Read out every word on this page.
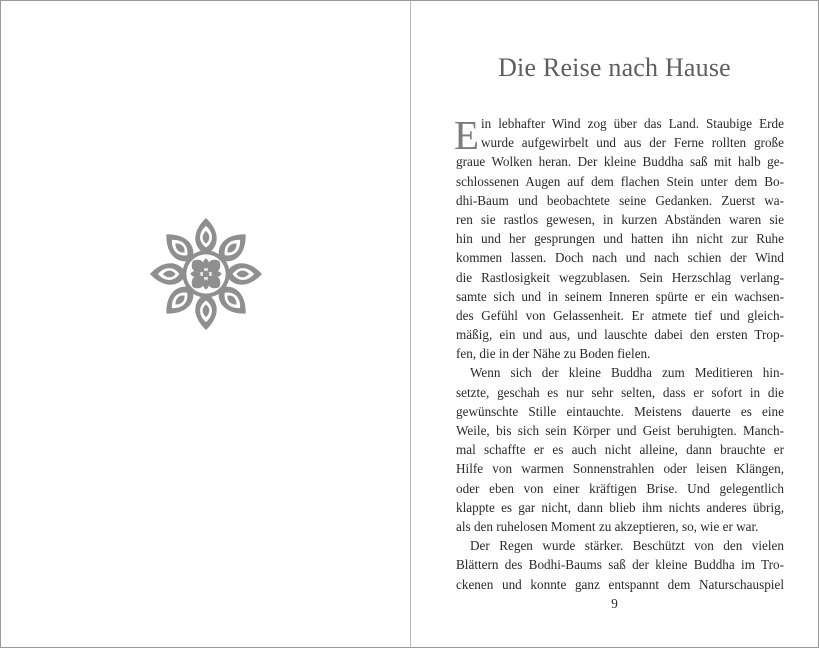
Die Reise nach Hause
E in lebhafter Wind zog über das Land. Staubige Erde
wurde aufgewirbelt und aus der Ferne rollten große
graue Wolken heran. Der kleine Buddha saß mit halb ge-
schlossenen Augen auf dem flachen Stein unter dem Bo-
dhi-Baum und beobachtete seine Gedanken. Zuerst wa-
ren sie rastlos gewesen, in kurzen Abständen waren sie
hin und her gesprungen und hatten ihn nicht zur Ruhe
kommen lassen. Doch nach und nach schien der Wind
die Rastlosigkeit wegzublasen. Sein Herzschlag verlang-
samte sich und in seinem Inneren spürte er ein wachsen-
des Gefühl von Gelassenheit. Er atmete tief und gleich-
mäßig, ein und aus, und lauschte dabei den ersten Trop-
fen, die in der Nähe zu Boden fielen.
Wenn sich der kleine Buddha zum Meditieren hin-
setzte, geschah es nur sehr selten, dass er sofort in die
gewünschte Stille eintauchte. Meistens dauerte es eine
Weile, bis sich sein Körper und Geist beruhigten. Manch-
mal schaffte er es auch nicht alleine, dann brauchte er
Hilfe von warmen Sonnenstrahlen oder leisen Klängen,
oder eben von einer kräftigen Brise. Und gelegentlich
klappte es gar nicht, dann blieb ihm nichts anderes übrig,
als den ruhelosen Moment zu akzeptieren, so, wie er war.
Der Regen wurde stärker. Beschützt von den vielen
Blättern des Bodhi-Baums saß der kleine Buddha im Tro-
ckenen und konnte ganz entspannt dem Naturschauspiel
9
